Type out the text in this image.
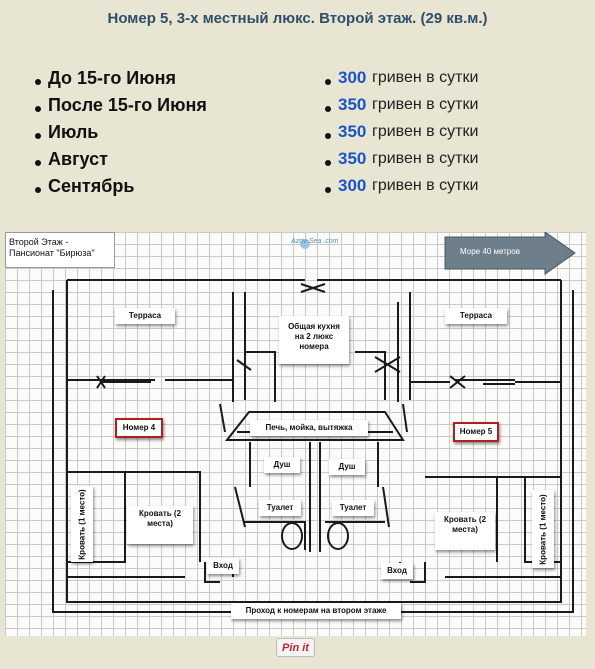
Номер 5, 3-х местный люкс. Второй этаж. (29 кв.м.)
До 15-го Июня	300 гривен в сутки
После 15-го Июня	350 гривен в сутки
Июль	350 гривен в сутки
Август	350 гривен в сутки
Сентябрь	300 гривен в сутки
Второй Этаж - Пансионат "Бирюза"
Azov-Sea .com
Море 40 метров
Терраса	Терраса
Общая кухня на 2 люкс номера
Номер 4	Номер 5
Печь, мойка, вытяжка
Душ	Душ
Туалет	Туалет
Кровать (2 места)	Кровать (2 места)
Кровать (1 место)	Кровать (1 место)
Вход
Вход
Проход к номерам на втором этаже
Pin it
